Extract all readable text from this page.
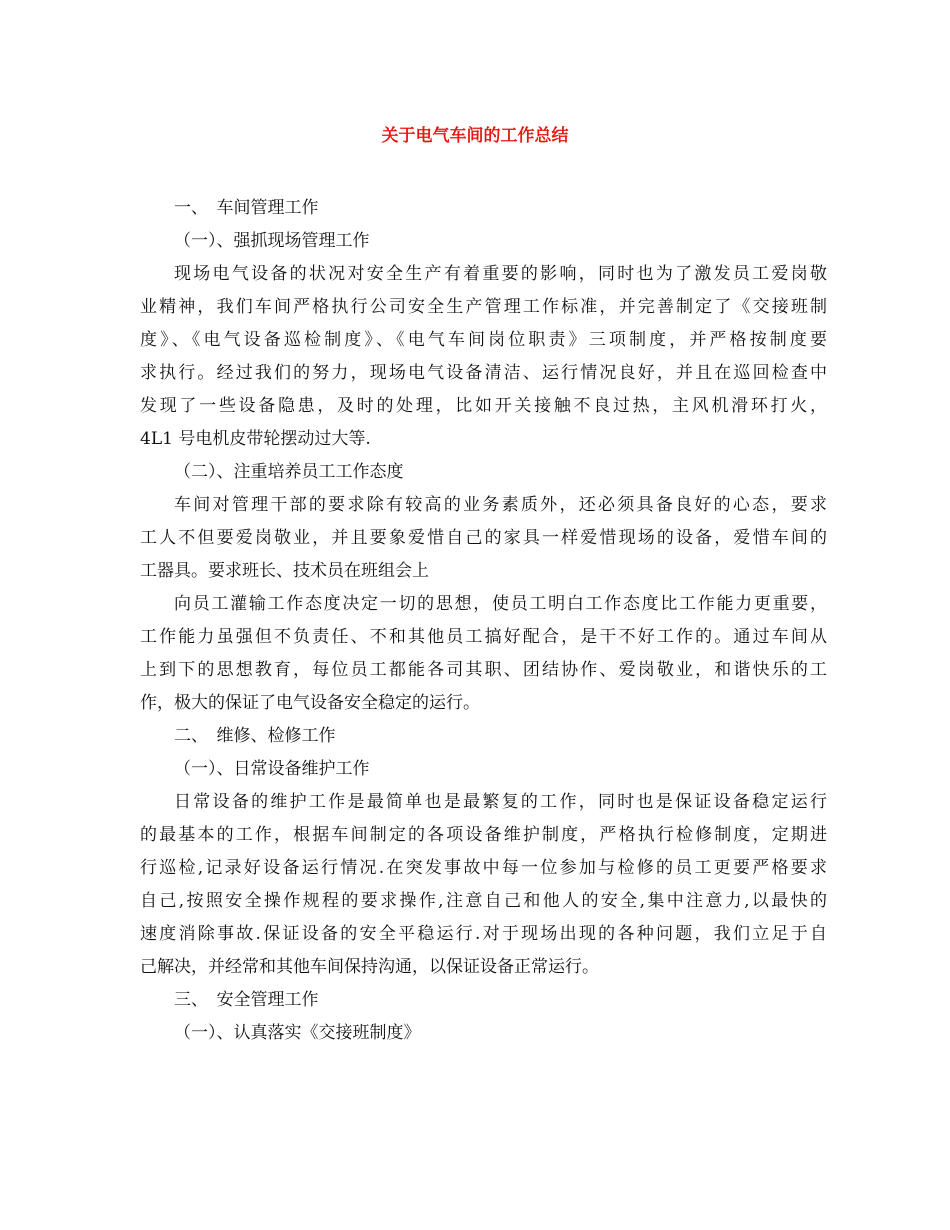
关于电气车间的工作总结

一、　车间管理工作

（一）、强抓现场管理工作

现场电气设备的状况对安全生产有着重要的影响，同时也为了激发员工爱岗敬

业精神，我们车间严格执行公司安全生产管理工作标准，并完善制定了《交接班制

度》、《电气设备巡检制度》、《电气车间岗位职责》三项制度，并严格按制度要

求执行。经过我们的努力，现场电气设备清洁、运行情况良好，并且在巡回检查中

发现了一些设备隐患，及时的处理，比如开关接触不良过热，主风机滑环打火，

4L1 号电机皮带轮摆动过大等.

（二）、注重培养员工工作态度

车间对管理干部的要求除有较高的业务素质外，还必须具备良好的心态，要求

工人不但要爱岗敬业，并且要象爱惜自己的家具一样爱惜现场的设备，爱惜车间的

工器具。要求班长、技术员在班组会上

向员工灌输工作态度决定一切的思想，使员工明白工作态度比工作能力更重要，

工作能力虽强但不负责任、不和其他员工搞好配合，是干不好工作的。通过车间从

上到下的思想教育，每位员工都能各司其职、团结协作、爱岗敬业，和谐快乐的工

作，极大的保证了电气设备安全稳定的运行。

二、　维修、检修工作

（一）、日常设备维护工作

日常设备的维护工作是最简单也是最繁复的工作，同时也是保证设备稳定运行

的最基本的工作，根据车间制定的各项设备维护制度，严格执行检修制度，定期进

行巡检,记录好设备运行情况.在突发事故中每一位参加与检修的员工更要严格要求

自己,按照安全操作规程的要求操作,注意自己和他人的安全,集中注意力,以最快的

速度消除事故.保证设备的安全平稳运行.对于现场出现的各种问题，我们立足于自

己解决，并经常和其他车间保持沟通，以保证设备正常运行。

三、　安全管理工作

（一）、认真落实《交接班制度》
